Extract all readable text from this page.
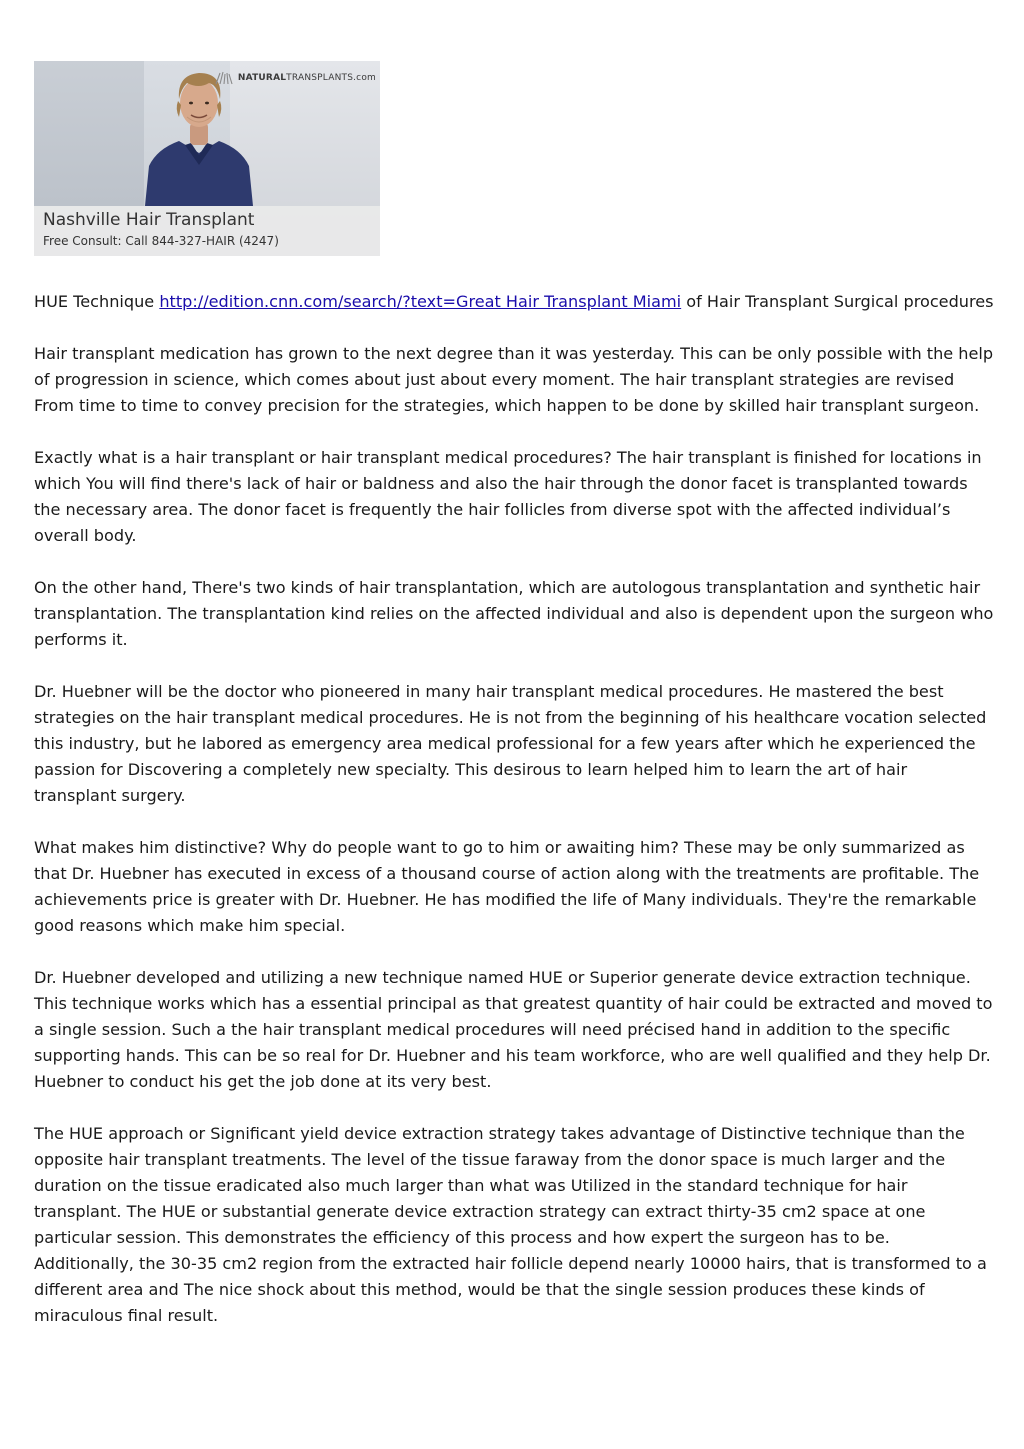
NATURALTRANSPLANTS.com
Nashville Hair Transplant
Free Consult: Call 844-327-HAIR (4247)

HUE Technique http://edition.cnn.com/search/?text=Great Hair Transplant Miami of Hair Transplant Surgical procedures

Hair transplant medication has grown to the next degree than it was yesterday. This can be only possible with the help of progression in science, which comes about just about every moment. The hair transplant strategies are revised From time to time to convey precision for the strategies, which happen to be done by skilled hair transplant surgeon.

Exactly what is a hair transplant or hair transplant medical procedures? The hair transplant is finished for locations in which You will find there's lack of hair or baldness and also the hair through the donor facet is transplanted towards the necessary area. The donor facet is frequently the hair follicles from diverse spot with the affected individual’s overall body.

On the other hand, There's two kinds of hair transplantation, which are autologous transplantation and synthetic hair transplantation. The transplantation kind relies on the affected individual and also is dependent upon the surgeon who performs it.

Dr. Huebner will be the doctor who pioneered in many hair transplant medical procedures. He mastered the best strategies on the hair transplant medical procedures. He is not from the beginning of his healthcare vocation selected this industry, but he labored as emergency area medical professional for a few years after which he experienced the passion for Discovering a completely new specialty. This desirous to learn helped him to learn the art of hair transplant surgery.

What makes him distinctive? Why do people want to go to him or awaiting him? These may be only summarized as that Dr. Huebner has executed in excess of a thousand course of action along with the treatments are profitable. The achievements price is greater with Dr. Huebner. He has modified the life of Many individuals. They're the remarkable good reasons which make him special.

Dr. Huebner developed and utilizing a new technique named HUE or Superior generate device extraction technique. This technique works which has a essential principal as that greatest quantity of hair could be extracted and moved to a single session. Such a the hair transplant medical procedures will need précised hand in addition to the specific supporting hands. This can be so real for Dr. Huebner and his team workforce, who are well qualified and they help Dr. Huebner to conduct his get the job done at its very best.

The HUE approach or Significant yield device extraction strategy takes advantage of Distinctive technique than the opposite hair transplant treatments. The level of the tissue faraway from the donor space is much larger and the duration on the tissue eradicated also much larger than what was Utilized in the standard technique for hair transplant. The HUE or substantial generate device extraction strategy can extract thirty-35 cm2 space at one particular session. This demonstrates the efficiency of this process and how expert the surgeon has to be. Additionally, the 30-35 cm2 region from the extracted hair follicle depend nearly 10000 hairs, that is transformed to a different area and The nice shock about this method, would be that the single session produces these kinds of miraculous final result.
